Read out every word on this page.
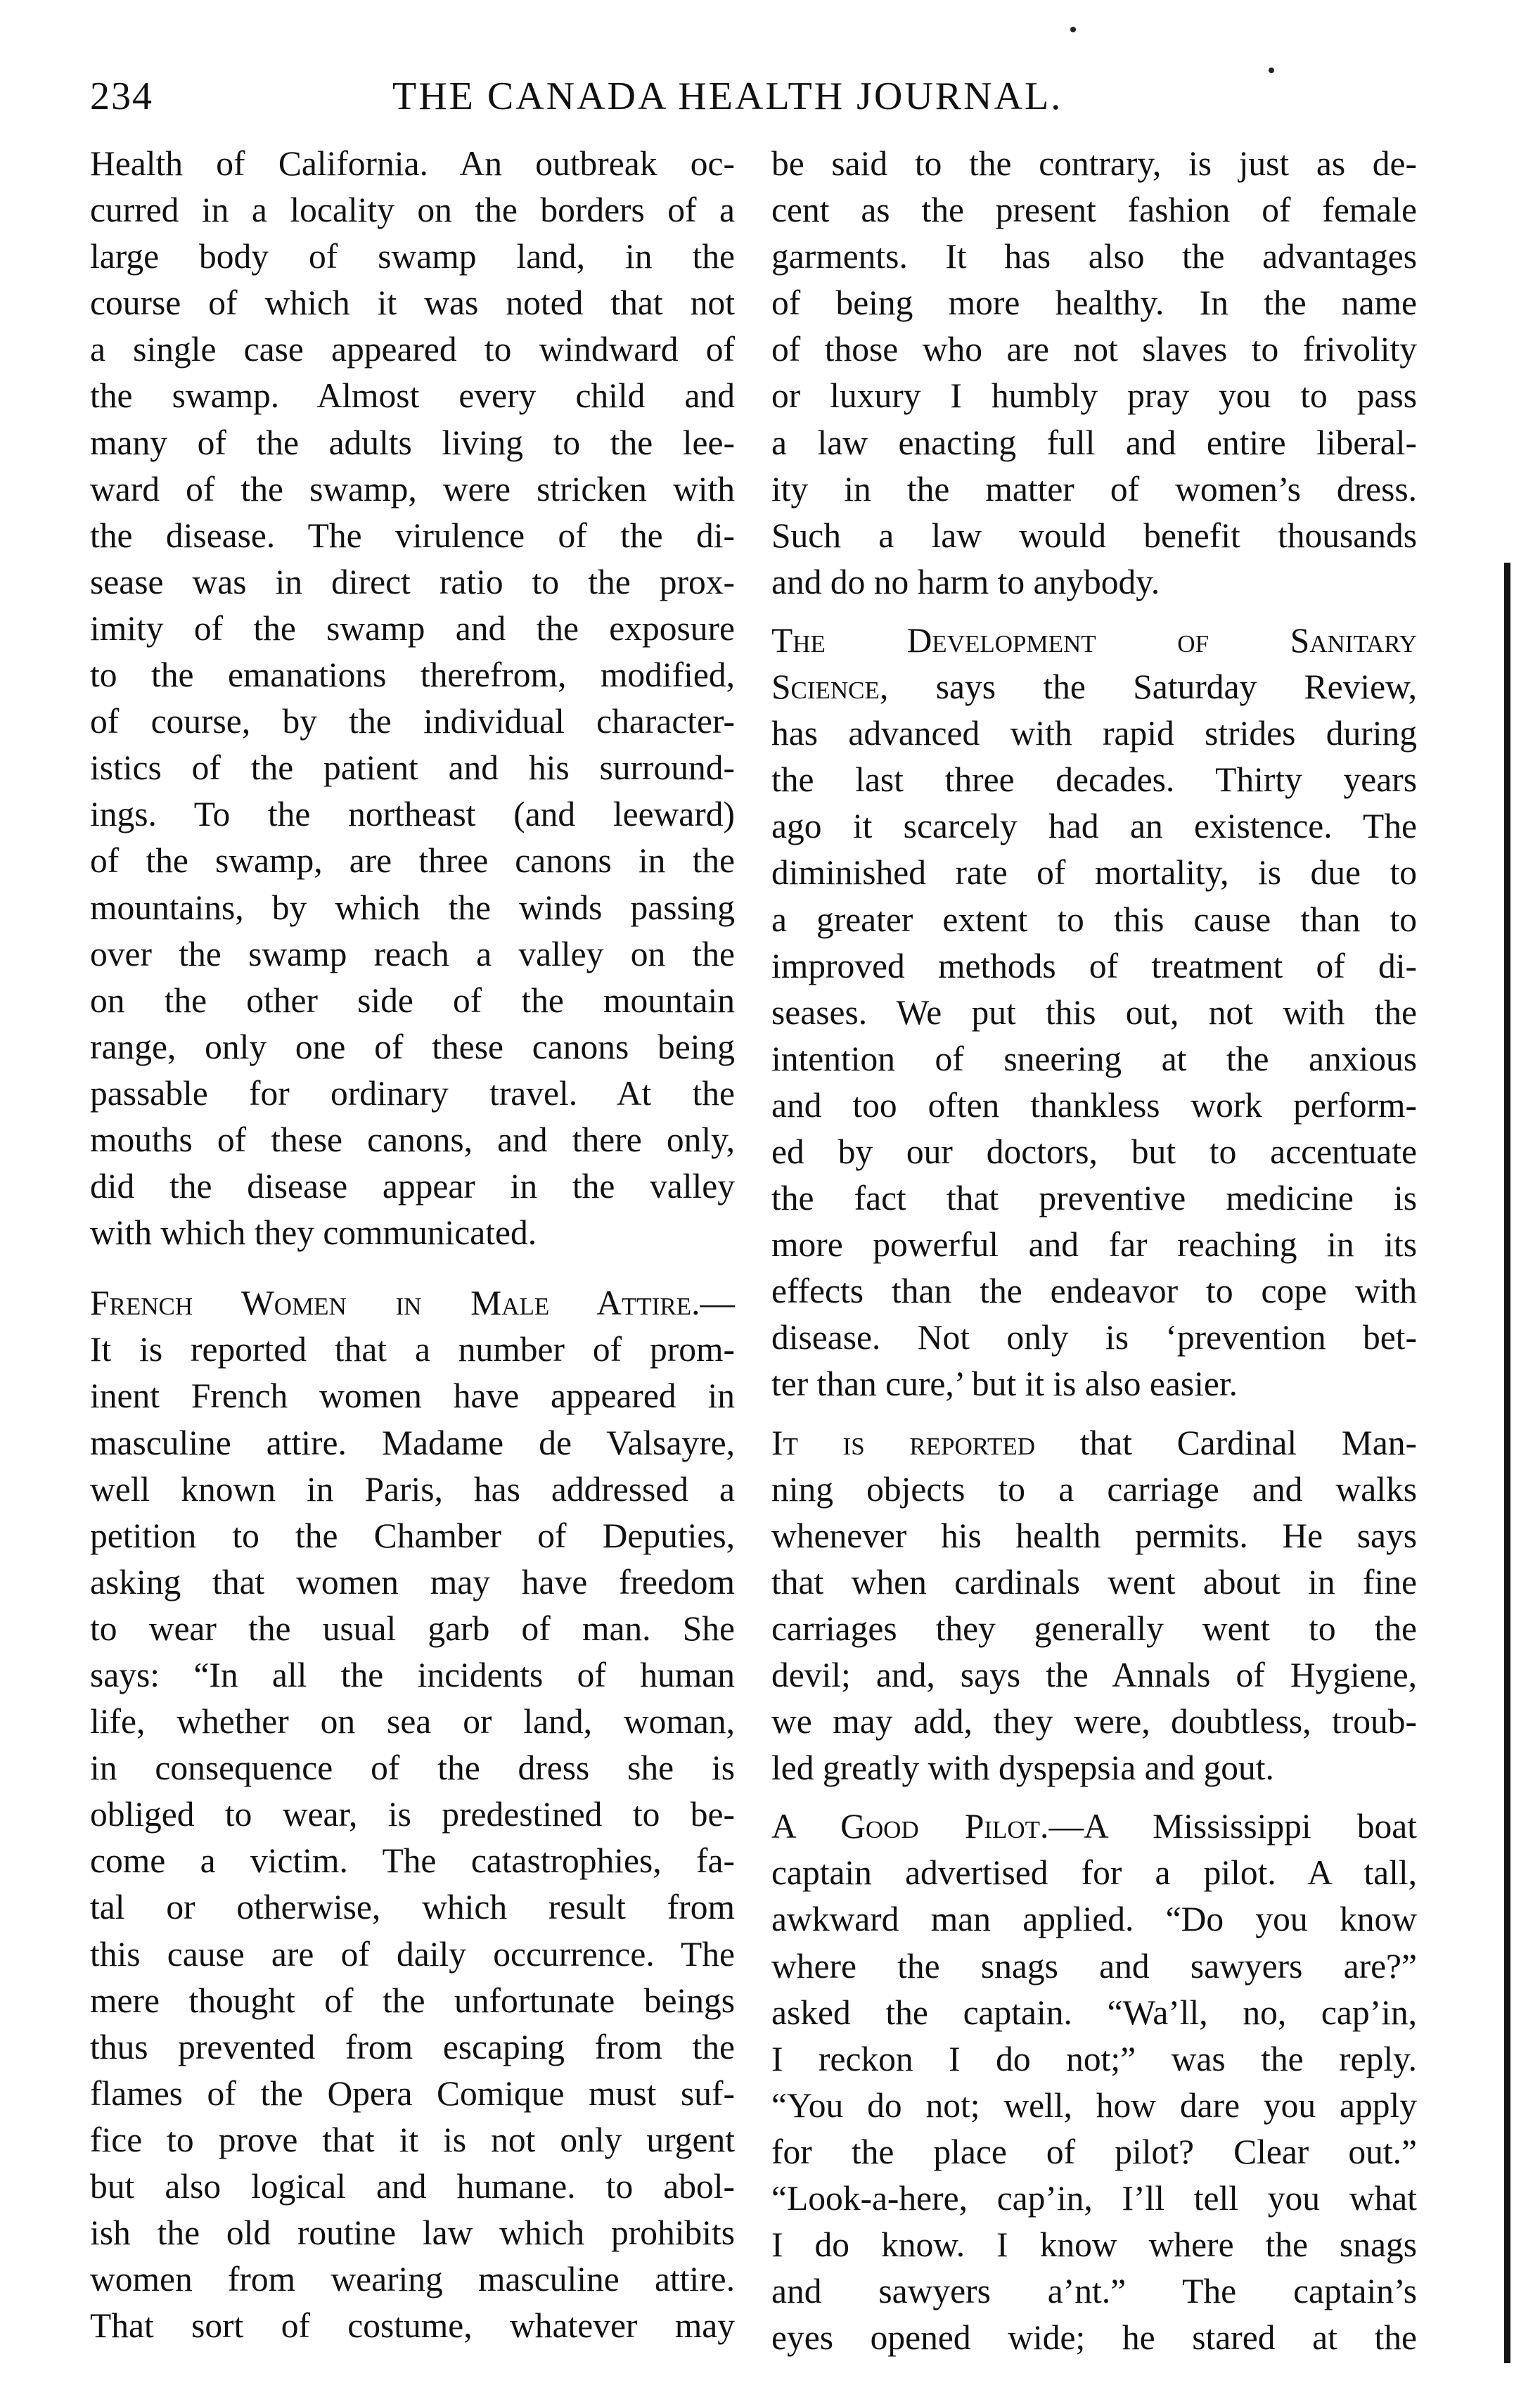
234	THE CANADA HEALTH JOURNAL.
Health of California. An outbreak oc-
curred in a locality on the borders of a
large body of swamp land, in the
course of which it was noted that not
a single case appeared to windward of
the swamp. Almost every child and
many of the adults living to the lee-
ward of the swamp, were stricken with
the disease. The virulence of the di-
sease was in direct ratio to the prox-
imity of the swamp and the exposure
to the emanations therefrom, modified,
of course, by the individual character-
istics of the patient and his surround-
ings. To the northeast (and leeward)
of the swamp, are three canons in the
mountains, by which the winds passing
over the swamp reach a valley on the
on the other side of the mountain
range, only one of these canons being
passable for ordinary travel. At the
mouths of these canons, and there only,
did the disease appear in the valley
with which they communicated.
French Women in Male Attire.—
It is reported that a number of prom-
inent French women have appeared in
masculine attire. Madame de Valsayre,
well known in Paris, has addressed a
petition to the Chamber of Deputies,
asking that women may have freedom
to wear the usual garb of man. She
says: “In all the incidents of human
life, whether on sea or land, woman,
in consequence of the dress she is
obliged to wear, is predestined to be-
come a victim. The catastrophies, fa-
tal or otherwise, which result from
this cause are of daily occurrence. The
mere thought of the unfortunate beings
thus prevented from escaping from the
flames of the Opera Comique must suf-
fice to prove that it is not only urgent
but also logical and humane. to abol-
ish the old routine law which prohibits
women from wearing masculine attire.
That sort of costume, whatever may
be said to the contrary, is just as de-
cent as the present fashion of female
garments. It has also the advantages
of being more healthy. In the name
of those who are not slaves to frivolity
or luxury I humbly pray you to pass
a law enacting full and entire liberal-
ity in the matter of women’s dress.
Such a law would benefit thousands
and do no harm to anybody.
The Development of Sanitary
Science, says the Saturday Review,
has advanced with rapid strides during
the last three decades. Thirty years
ago it scarcely had an existence. The
diminished rate of mortality, is due to
a greater extent to this cause than to
improved methods of treatment of di-
seases. We put this out, not with the
intention of sneering at the anxious
and too often thankless work perform-
ed by our doctors, but to accentuate
the fact that preventive medicine is
more powerful and far reaching in its
effects than the endeavor to cope with
disease. Not only is ‘prevention bet-
ter than cure,’ but it is also easier.
It is reported that Cardinal Man-
ning objects to a carriage and walks
whenever his health permits. He says
that when cardinals went about in fine
carriages they generally went to the
devil; and, says the Annals of Hygiene,
we may add, they were, doubtless, troub-
led greatly with dyspepsia and gout.
A Good Pilot.—A Mississippi boat
captain advertised for a pilot. A tall,
awkward man applied. “Do you know
where the snags and sawyers are?”
asked the captain. “Wa’ll, no, cap’in,
I reckon I do not;” was the reply.
“You do not; well, how dare you apply
for the place of pilot? Clear out.”
“Look-a-here, cap’in, I’ll tell you what
I do know. I know where the snags
and sawyers a’nt.” The captain’s
eyes opened wide; he stared at the
